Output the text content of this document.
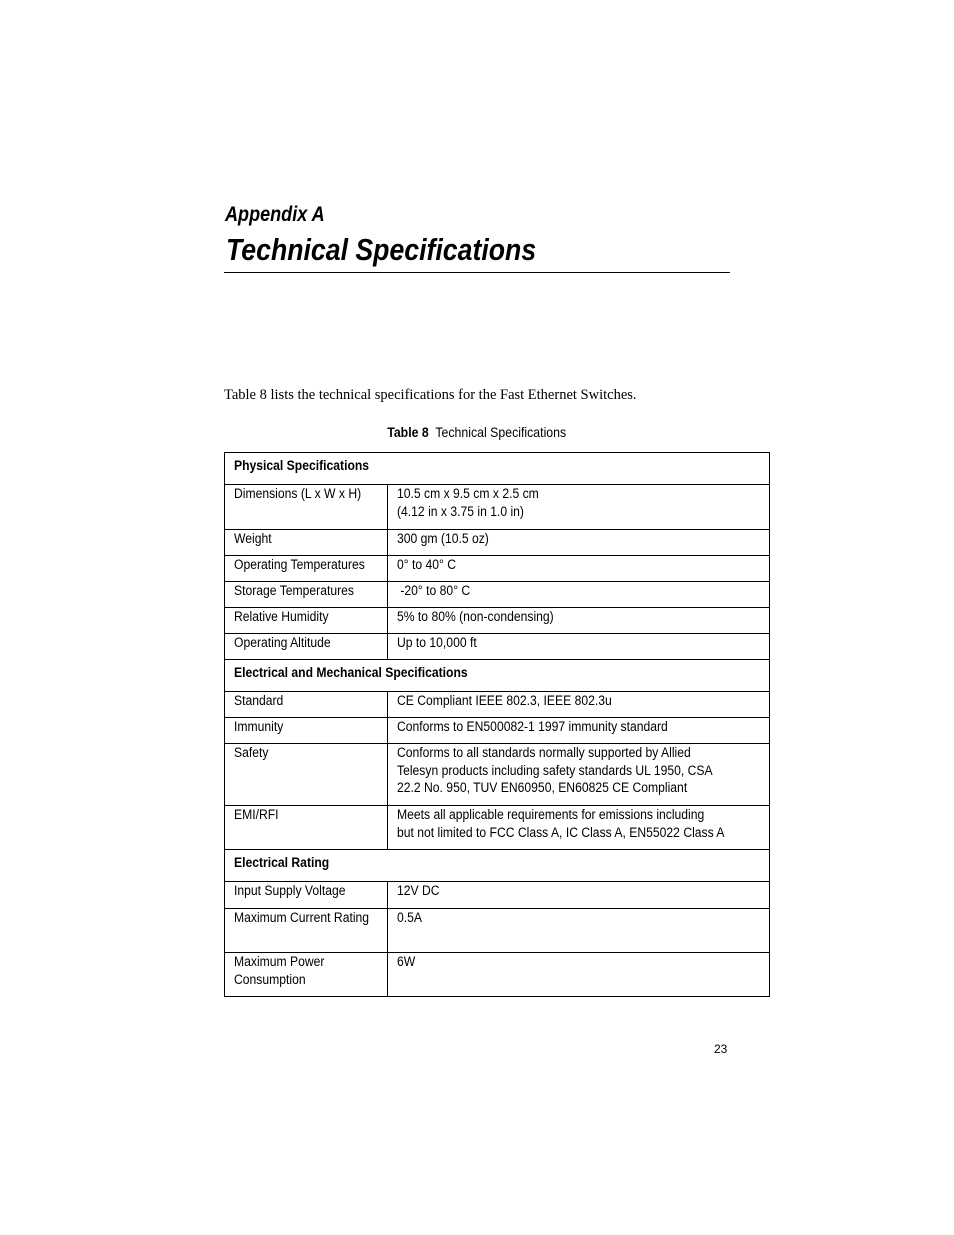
Appendix A
Technical Specifications
Table 8 lists the technical specifications for the Fast Ethernet Switches.
Table 8 Technical Specifications
Physical Specifications	
Dimensions (L x W x H)	10.5 cm x 9.5 cm x 2.5 cm
(4.12 in x 3.75 in 1.0 in)
Weight	300 gm (10.5 oz)
Operating Temperatures	0° to 40° C
Storage Temperatures	-20° to 80° C
Relative Humidity	5% to 80% (non-condensing)
Operating Altitude	Up to 10,000 ft
Electrical and Mechanical Specifications	
Standard	CE Compliant IEEE 802.3, IEEE 802.3u
Immunity	Conforms to EN500082-1 1997 immunity standard
Safety	Conforms to all standards normally supported by Allied
Telesyn products including safety standards UL 1950, CSA
22.2 No. 950, TUV EN60950, EN60825 CE Compliant
EMI/RFI	Meets all applicable requirements for emissions including
but not limited to FCC Class A, IC Class A, EN55022 Class A
Electrical Rating	
Input Supply Voltage	12V DC

Maximum Current Rating	0.5A

Maximum Power Consumption	6W
23
